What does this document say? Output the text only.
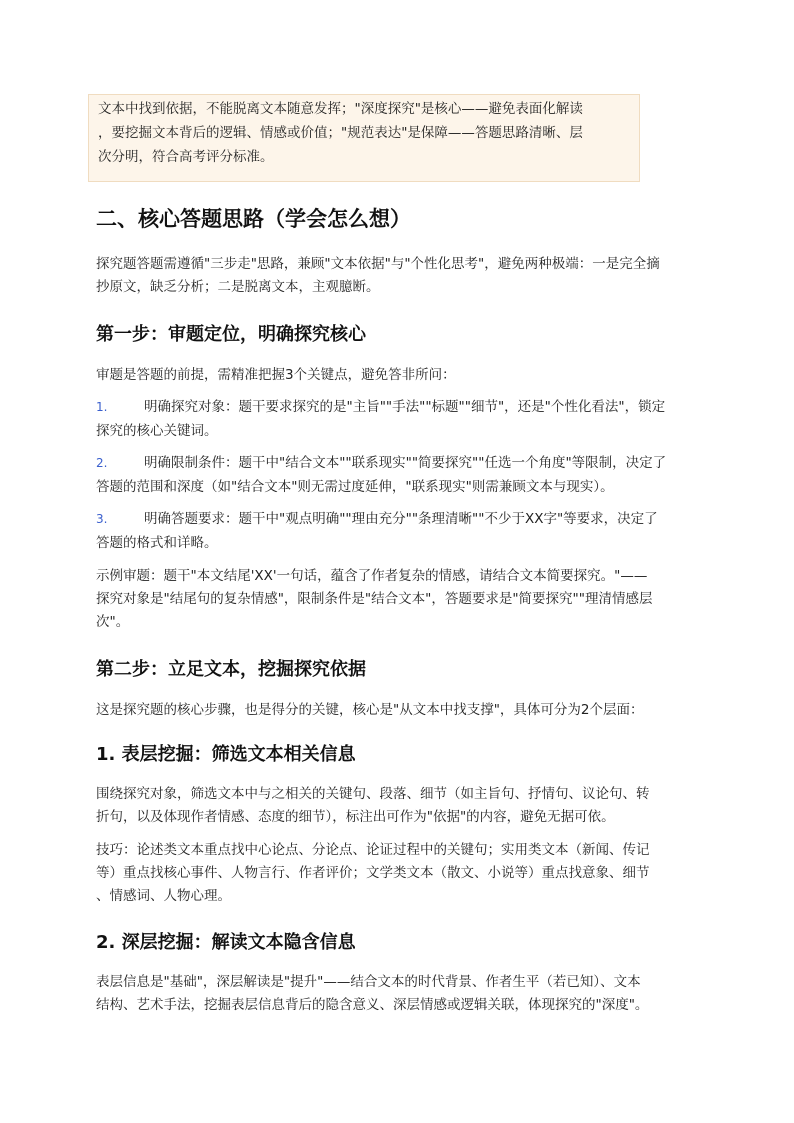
文本中找到依据，不能脱离文本随意发挥；"深度探究"是核心——避免表面化解读
，要挖掘文本背后的逻辑、情感或价值；"规范表达"是保障——答题思路清晰、层
次分明，符合高考评分标准。
二、核心答题思路（学会怎么想）
探究题答题需遵循"三步走"思路，兼顾"文本依据"与"个性化思考"，避免两种极端：一是完全摘
抄原文，缺乏分析；二是脱离文本，主观臆断。
第一步：审题定位，明确探究核心
审题是答题的前提，需精准把握3个关键点，避免答非所问：
1.	明确探究对象：题干要求探究的是"主旨""手法""标题""细节"，还是"个性化看法"，锁定
探究的核心关键词。
2.	明确限制条件：题干中"结合文本""联系现实""简要探究""任选一个角度"等限制，决定了
答题的范围和深度（如"结合文本"则无需过度延伸，"联系现实"则需兼顾文本与现实）。
3.	明确答题要求：题干中"观点明确""理由充分""条理清晰""不少于XX字"等要求，决定了
答题的格式和详略。
示例审题：题干"本文结尾'XX'一句话，蕴含了作者复杂的情感，请结合文本简要探究。"——
探究对象是"结尾句的复杂情感"，限制条件是"结合文本"，答题要求是"简要探究""理清情感层
次"。
第二步：立足文本，挖掘探究依据
这是探究题的核心步骤，也是得分的关键，核心是"从文本中找支撑"，具体可分为2个层面：
1. 表层挖掘：筛选文本相关信息
围绕探究对象，筛选文本中与之相关的关键句、段落、细节（如主旨句、抒情句、议论句、转
折句，以及体现作者情感、态度的细节），标注出可作为"依据"的内容，避免无据可依。
技巧：论述类文本重点找中心论点、分论点、论证过程中的关键句；实用类文本（新闻、传记
等）重点找核心事件、人物言行、作者评价；文学类文本（散文、小说等）重点找意象、细节
、情感词、人物心理。
2. 深层挖掘：解读文本隐含信息
表层信息是"基础"，深层解读是"提升"——结合文本的时代背景、作者生平（若已知）、文本
结构、艺术手法，挖掘表层信息背后的隐含意义、深层情感或逻辑关联，体现探究的"深度"。
